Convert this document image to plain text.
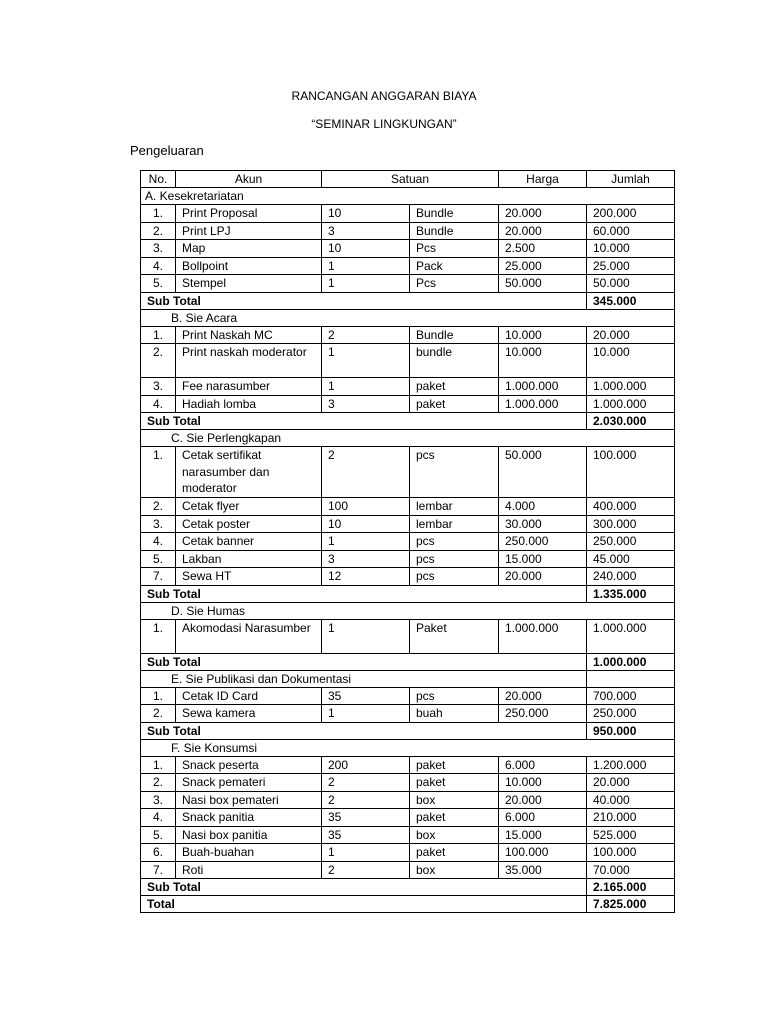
RANCANGAN ANGGARAN BIAYA
“SEMINAR LINGKUNGAN”
Pengeluaran
No.	Akun	Satuan		Harga	Jumlah
A. Kesekretariatan					
1.	Print Proposal	10	Bundle	20.000	200.000
2.	Print LPJ	3	Bundle	20.000	60.000
3.	Map	10	Pcs	2.500	10.000
4.	Bollpoint	1	Pack	25.000	25.000
5.	Stempel	1	Pcs	50.000	50.000
Sub Total					345.000
B. Sie Acara					
1.	Print Naskah MC	2	Bundle	10.000	20.000
2.	Print naskah moderator	1	bundle	10.000	10.000
3.	Fee narasumber	1	paket	1.000.000	1.000.000
4.	Hadiah lomba	3	paket	1.000.000	1.000.000
Sub Total					2.030.000
C. Sie Perlengkapan					
1.	Cetak sertifikat narasumber dan moderator	2	pcs	50.000	100.000
2.	Cetak flyer	100	lembar	4.000	400.000
3.	Cetak poster	10	lembar	30.000	300.000
4.	Cetak banner	1	pcs	250.000	250.000
5.	Lakban	3	pcs	15.000	45.000
7.	Sewa HT	12	pcs	20.000	240.000
Sub Total					1.335.000
D. Sie Humas					
1.	Akomodasi Narasumber	1	Paket	1.000.000	1.000.000
Sub Total					1.000.000
E. Sie Publikasi dan Dokumentasi					
1.	Cetak ID Card	35	pcs	20.000	700.000
2.	Sewa kamera	1	buah	250.000	250.000
Sub Total					950.000
F. Sie Konsumsi					
1.	Snack peserta	200	paket	6.000	1.200.000
2.	Snack pemateri	2	paket	10.000	20.000
3.	Nasi box pemateri	2	box	20.000	40.000
4.	Snack panitia	35	paket	6.000	210.000
5.	Nasi box panitia	35	box	15.000	525.000
6.	Buah-buahan	1	paket	100.000	100.000
7.	Roti	2	box	35.000	70.000
Sub Total					2.165.000
Total					7.825.000
